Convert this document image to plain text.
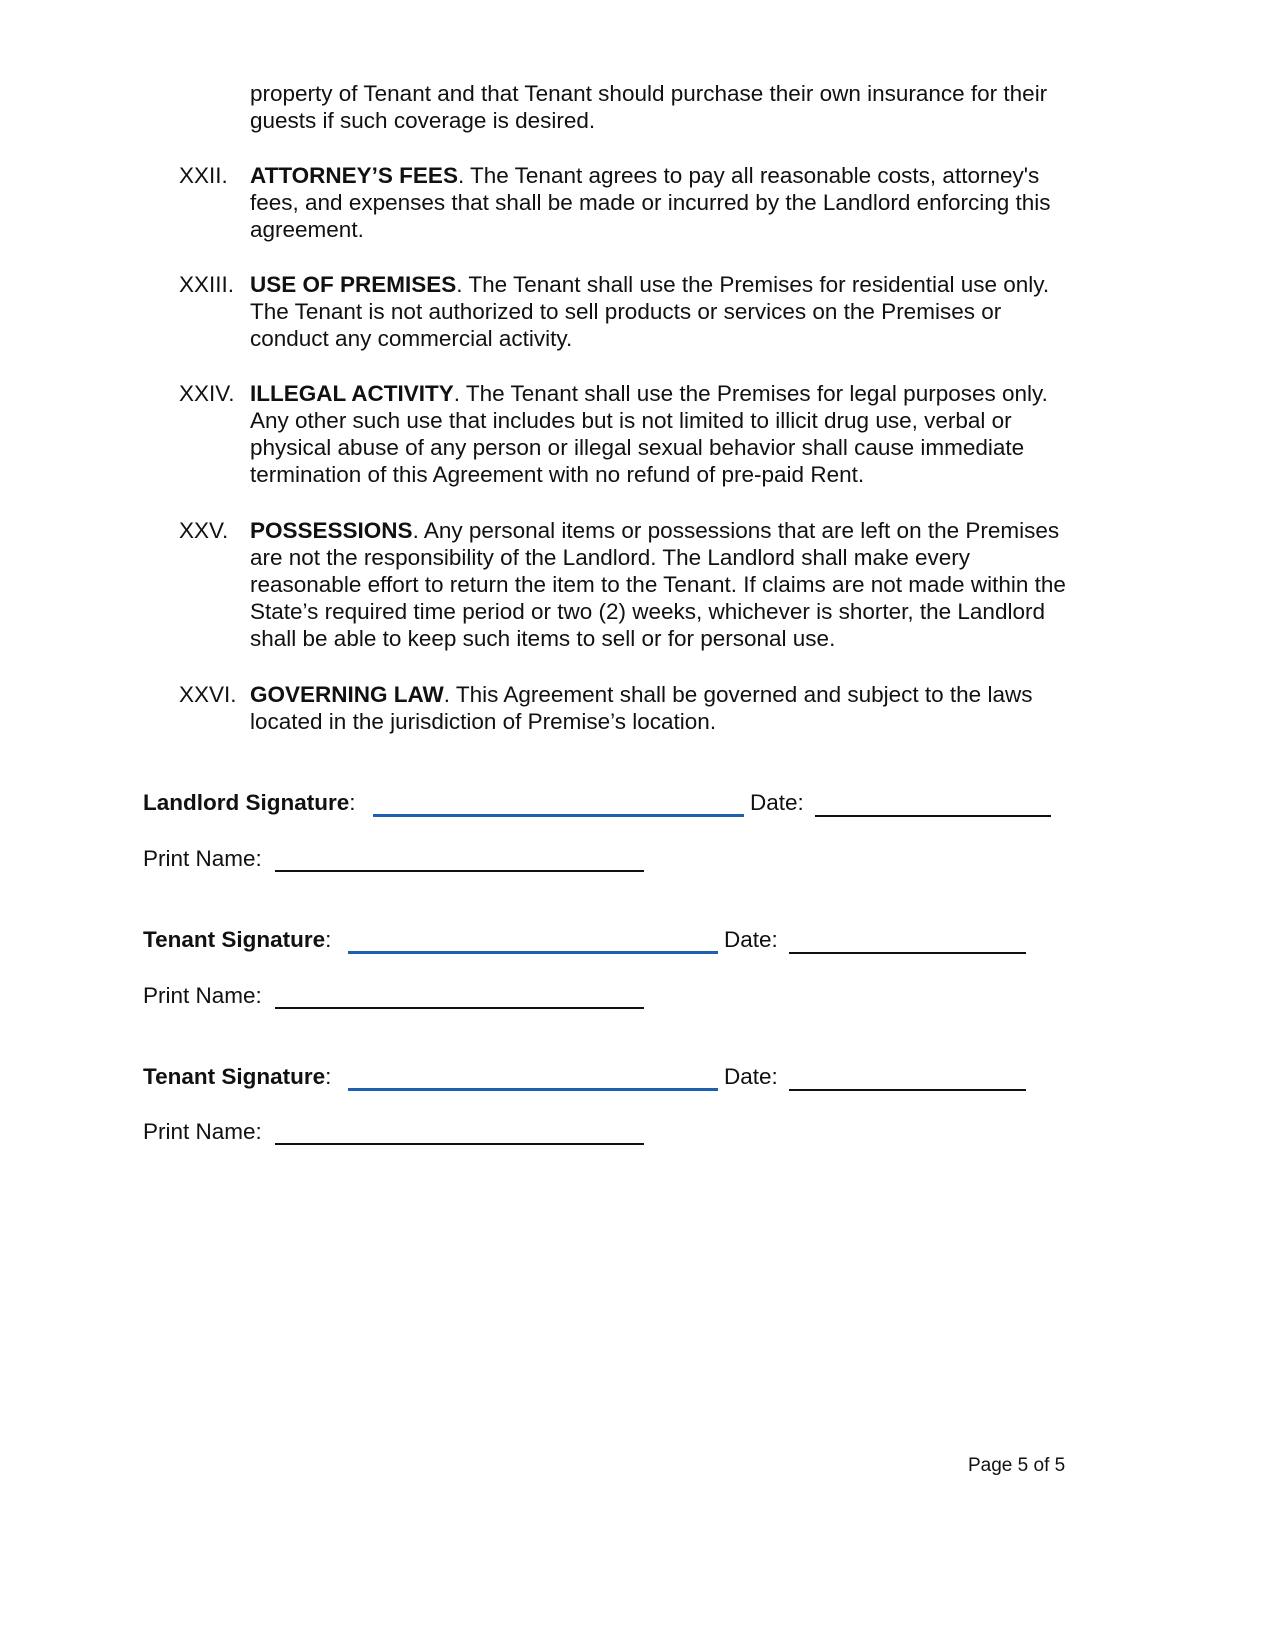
property of Tenant and that Tenant should purchase their own insurance for their guests if such coverage is desired.
XXII. ATTORNEY’S FEES. The Tenant agrees to pay all reasonable costs, attorney's fees, and expenses that shall be made or incurred by the Landlord enforcing this agreement.
XXIII. USE OF PREMISES. The Tenant shall use the Premises for residential use only. The Tenant is not authorized to sell products or services on the Premises or conduct any commercial activity.
XXIV. ILLEGAL ACTIVITY. The Tenant shall use the Premises for legal purposes only. Any other such use that includes but is not limited to illicit drug use, verbal or physical abuse of any person or illegal sexual behavior shall cause immediate termination of this Agreement with no refund of pre-paid Rent.
XXV. POSSESSIONS. Any personal items or possessions that are left on the Premises are not the responsibility of the Landlord. The Landlord shall make every reasonable effort to return the item to the Tenant. If claims are not made within the State’s required time period or two (2) weeks, whichever is shorter, the Landlord shall be able to keep such items to sell or for personal use.
XXVI. GOVERNING LAW. This Agreement shall be governed and subject to the laws located in the jurisdiction of Premise’s location.
Landlord Signature:	Date:
Print Name:
Tenant Signature:	Date:
Print Name:
Tenant Signature:	Date:
Print Name:
Page 5 of 5
